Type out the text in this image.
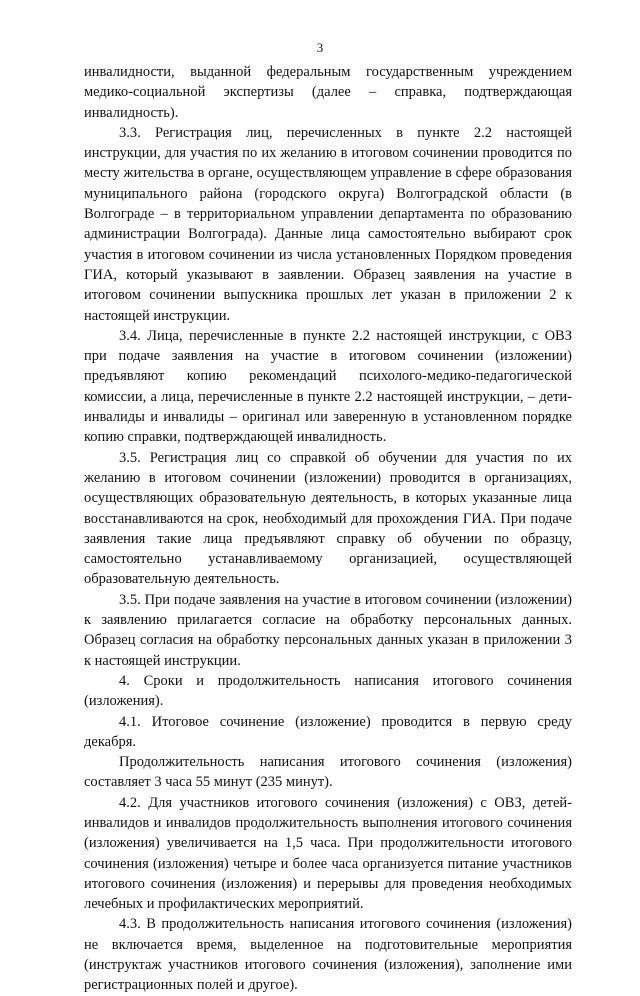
3

инвалидности, выданной федеральным государственным учреждением медико-социальной экспертизы (далее – справка, подтверждающая инвалидность).

3.3. Регистрация лиц, перечисленных в пункте 2.2 настоящей инструкции, для участия по их желанию в итоговом сочинении проводится по месту жительства в органе, осуществляющем управление в сфере образования муниципального района (городского округа) Волгоградской области (в Волгограде – в территориальном управлении департамента по образованию администрации Волгограда). Данные лица самостоятельно выбирают срок участия в итоговом сочинении из числа установленных Порядком проведения ГИА, который указывают в заявлении. Образец заявления на участие в итоговом сочинении выпускника прошлых лет указан в приложении 2 к настоящей инструкции.

3.4. Лица, перечисленные в пункте 2.2 настоящей инструкции, с ОВЗ при подаче заявления на участие в итоговом сочинении (изложении) предъявляют копию рекомендаций психолого-медико-педагогической комиссии, а лица, перечисленные в пункте 2.2 настоящей инструкции, – дети-инвалиды и инвалиды – оригинал или заверенную в установленном порядке копию справки, подтверждающей инвалидность.

3.5. Регистрация лиц со справкой об обучении для участия по их желанию в итоговом сочинении (изложении) проводится в организациях, осуществляющих образовательную деятельность, в которых указанные лица восстанавливаются на срок, необходимый для прохождения ГИА. При подаче заявления такие лица предъявляют справку об обучении по образцу, самостоятельно устанавливаемому организацией, осуществляющей образовательную деятельность.

3.5. При подаче заявления на участие в итоговом сочинении (изложении) к заявлению прилагается согласие на обработку персональных данных. Образец согласия на обработку персональных данных указан в приложении 3 к настоящей инструкции.

4. Сроки и продолжительность написания итогового сочинения (изложения).

4.1. Итоговое сочинение (изложение) проводится в первую среду декабря.

Продолжительность написания итогового сочинения (изложения) составляет 3 часа 55 минут (235 минут).

4.2. Для участников итогового сочинения (изложения) с ОВЗ, детей-инвалидов и инвалидов продолжительность выполнения итогового сочинения (изложения) увеличивается на 1,5 часа. При продолжительности итогового сочинения (изложения) четыре и более часа организуется питание участников итогового сочинения (изложения) и перерывы для проведения необходимых лечебных и профилактических мероприятий.

4.3. В продолжительность написания итогового сочинения (изложения) не включается время, выделенное на подготовительные мероприятия (инструктаж участников итогового сочинения (изложения), заполнение ими регистрационных полей и другое).
